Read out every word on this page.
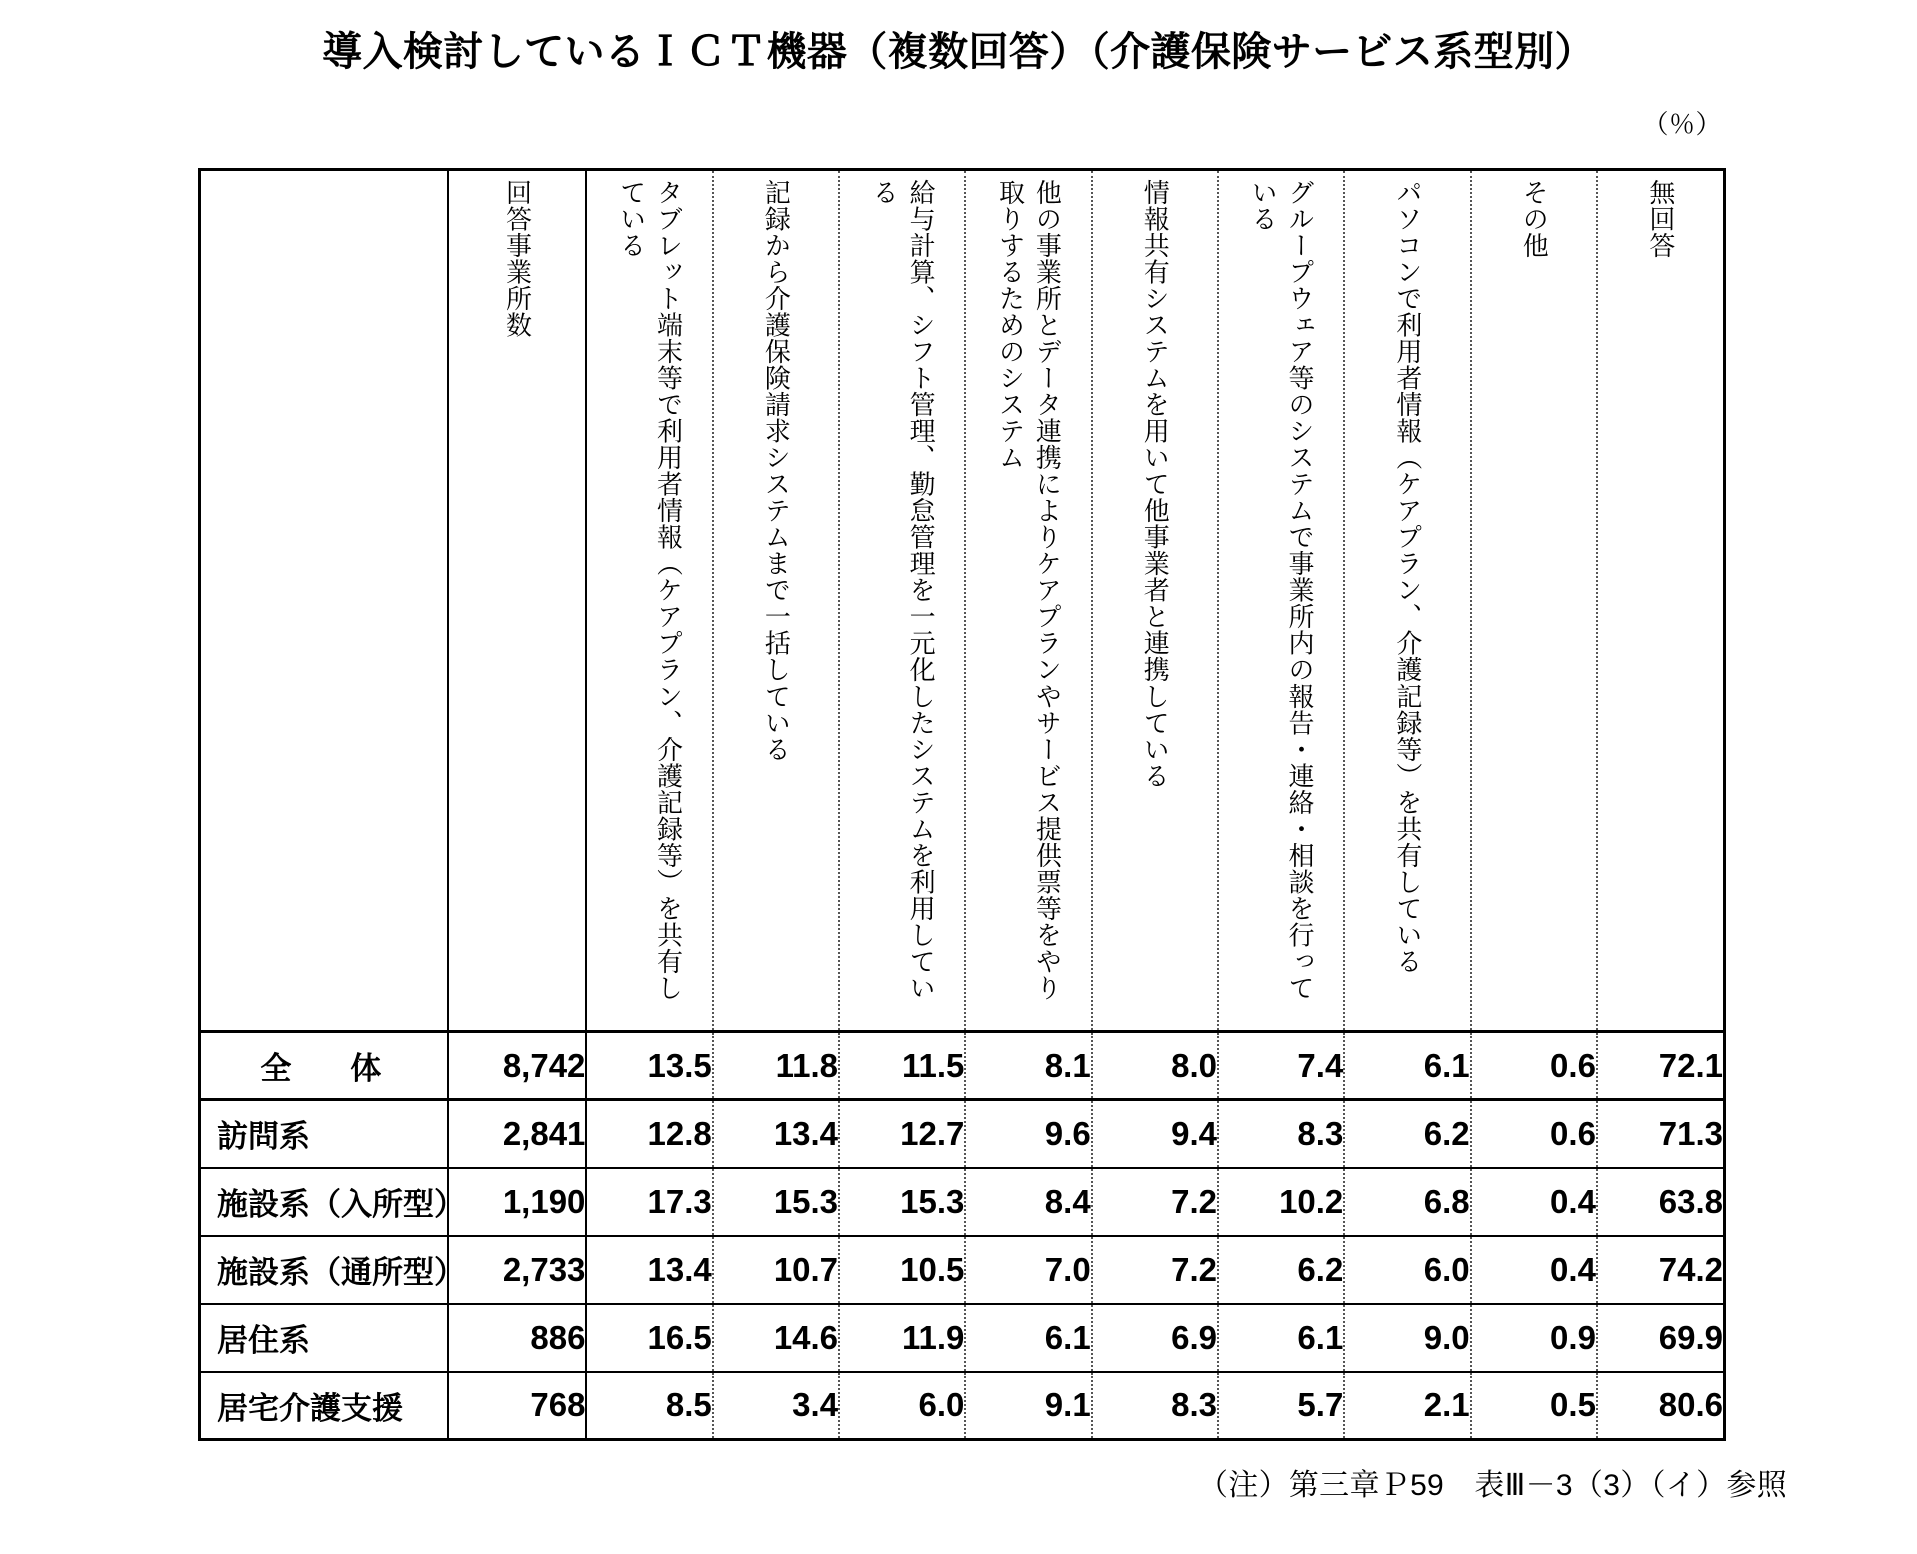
導入検討しているＩＣＴ機器（複数回答）（介護保険サービス系型別）
（％）

	回答事業所数	タブレット端末等で利用者情報（ケアプラン、介護記録等）を共有している	記録から介護保険請求システムまで一括している	給与計算、シフト管理、勤怠管理を一元化したシステムを利用している	他の事業所とデータ連携によりケアプランやサービス提供票等をやり取りするためのシステム	情報共有システムを用いて他事業者と連携している	グループウェア等のシステムで事業所内の報告・連絡・相談を行っている	パソコンで利用者情報（ケアプラン、介護記録等）を共有している	その他	無回答

全　体	8,742	13.5	11.8	11.5	8.1	8.0	7.4	6.1	0.6	72.1
訪問系	2,841	12.8	13.4	12.7	9.6	9.4	8.3	6.2	0.6	71.3
施設系（入所型）	1,190	17.3	15.3	15.3	8.4	7.2	10.2	6.8	0.4	63.8
施設系（通所型）	2,733	13.4	10.7	10.5	7.0	7.2	6.2	6.0	0.4	74.2
居住系	886	16.5	14.6	11.9	6.1	6.9	6.1	9.0	0.9	69.9
居宅介護支援	768	8.5	3.4	6.0	9.1	8.3	5.7	2.1	0.5	80.6
（注）第三章Ｐ59　表Ⅲ－3（3）（イ）参照
